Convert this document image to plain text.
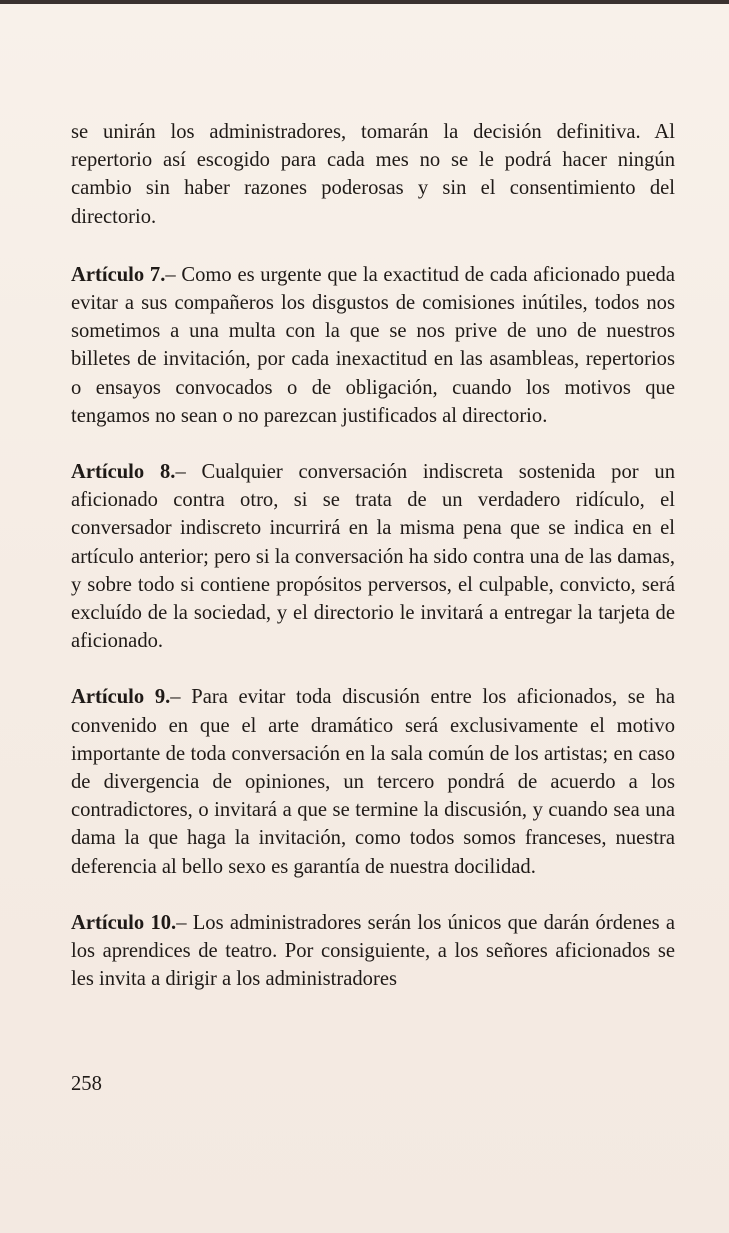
se unirán los administradores, tomarán la decisión definitiva. Al repertorio así escogido para cada mes no se le podrá hacer ningún cambio sin haber razones poderosas y sin el consentimiento del directorio.

Artículo 7.– Como es urgente que la exactitud de cada aficionado pueda evitar a sus compañeros los disgustos de comisiones inútiles, todos nos sometimos a una multa con la que se nos prive de uno de nuestros billetes de invitación, por cada inexactitud en las asambleas, repertorios o ensayos convocados o de obligación, cuando los motivos que tengamos no sean o no parezcan justificados al directorio.

Artículo 8.– Cualquier conversación indiscreta sostenida por un aficionado contra otro, si se trata de un verdadero ridículo, el conversador indiscreto incurrirá en la misma pena que se indica en el artículo anterior; pero si la conversación ha sido contra una de las damas, y sobre todo si contiene propósitos perversos, el culpable, convicto, será excluído de la sociedad, y el directorio le invitará a entregar la tarjeta de aficionado.

Artículo 9.– Para evitar toda discusión entre los aficionados, se ha convenido en que el arte dramático será exclusivamente el motivo importante de toda conversación en la sala común de los artistas; en caso de divergencia de opiniones, un tercero pondrá de acuerdo a los contradictores, o invitará a que se termine la discusión, y cuando sea una dama la que haga la invitación, como todos somos franceses, nuestra deferencia al bello sexo es garantía de nuestra docilidad.

Artículo 10.– Los administradores serán los únicos que darán órdenes a los aprendices de teatro. Por consiguiente, a los señores aficionados se les invita a dirigir a los administradores

258
